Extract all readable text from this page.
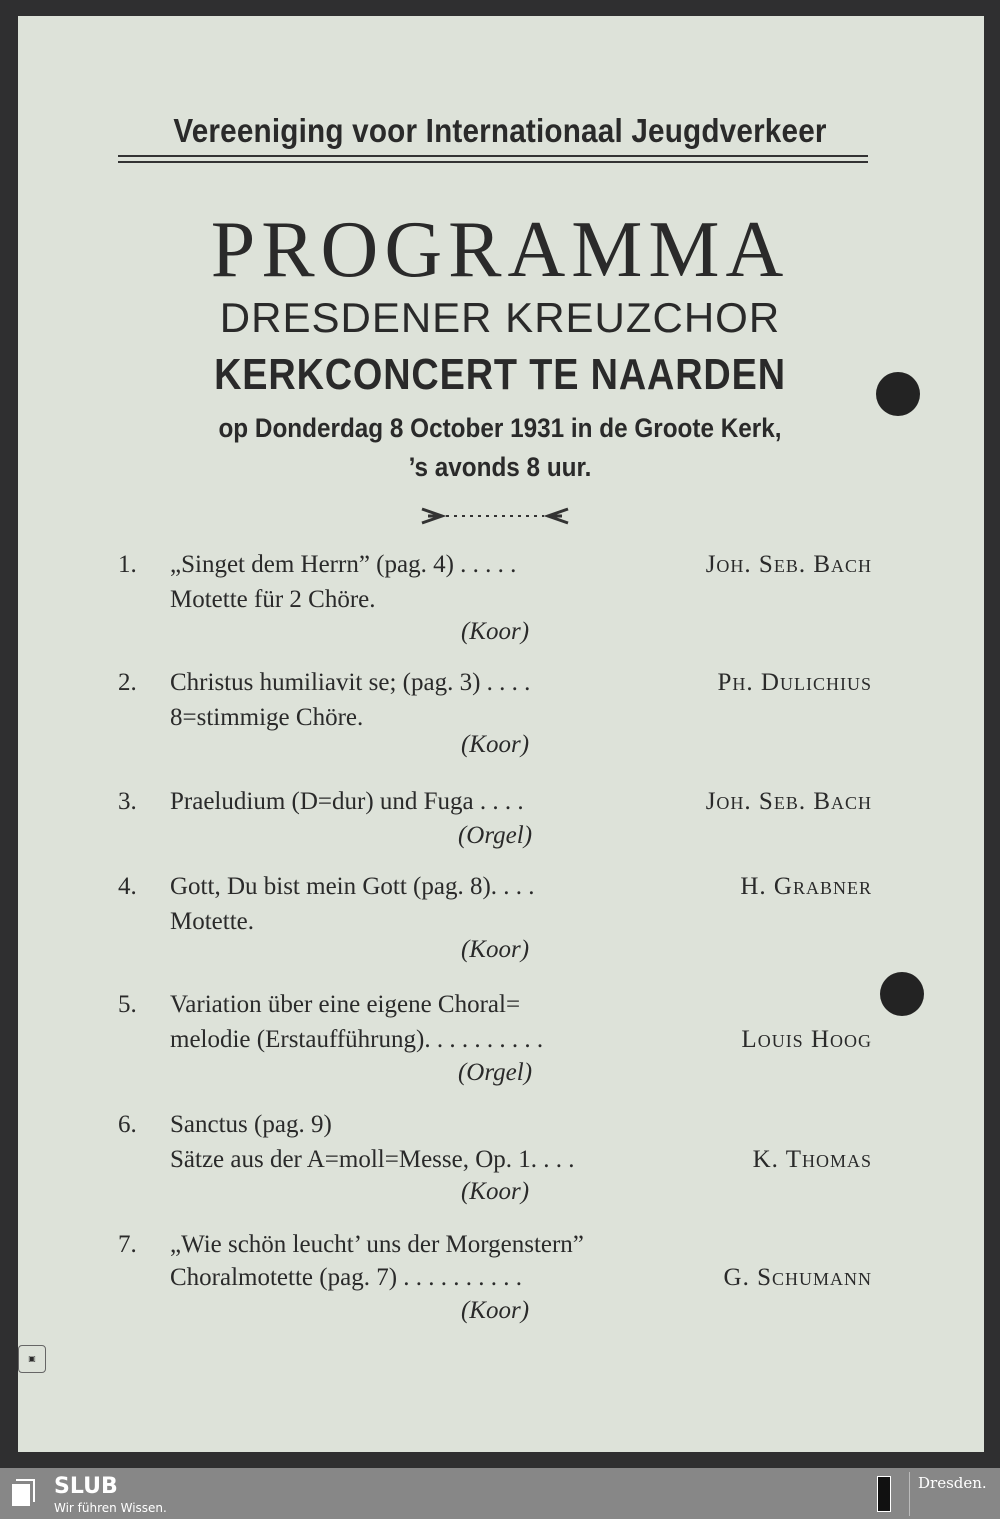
Vereeniging voor Internationaal Jeugdverkeer
PROGRAMMA
DRESDENER KREUZCHOR
KERKCONCERT TE NAARDEN
op Donderdag 8 October 1931 in de Groote Kerk,
’s avonds 8 uur.
1. „Singet dem Herrn” (pag. 4) . . . . .	Joh. Seb. Bach
Motette für 2 Chöre.
(Koor)
2. Christus humiliavit se; (pag. 3) . . . .	Ph. Dulichius
8=stimmige Chöre.
(Koor)
3. Praeludium (D=dur) und Fuga . . . .	Joh. Seb. Bach
(Orgel)
4. Gott, Du bist mein Gott (pag. 8). . . .	H. Grabner
Motette.
(Koor)
5. Variation über eine eigene Choral=
melodie (Erstaufführung). . . . . . . . . .	Louis Hoog
(Orgel)
6. Sanctus (pag. 9)
Sätze aus der A=moll=Messe, Op. 1. . . .	K. Thomas
(Koor)
7. „Wie schön leucht’ uns der Morgenstern”
Choralmotette (pag. 7) . . . . . . . . . .	G. Schumann
(Koor)
▣
SLUB
Wir führen Wissen.
Dresden.
